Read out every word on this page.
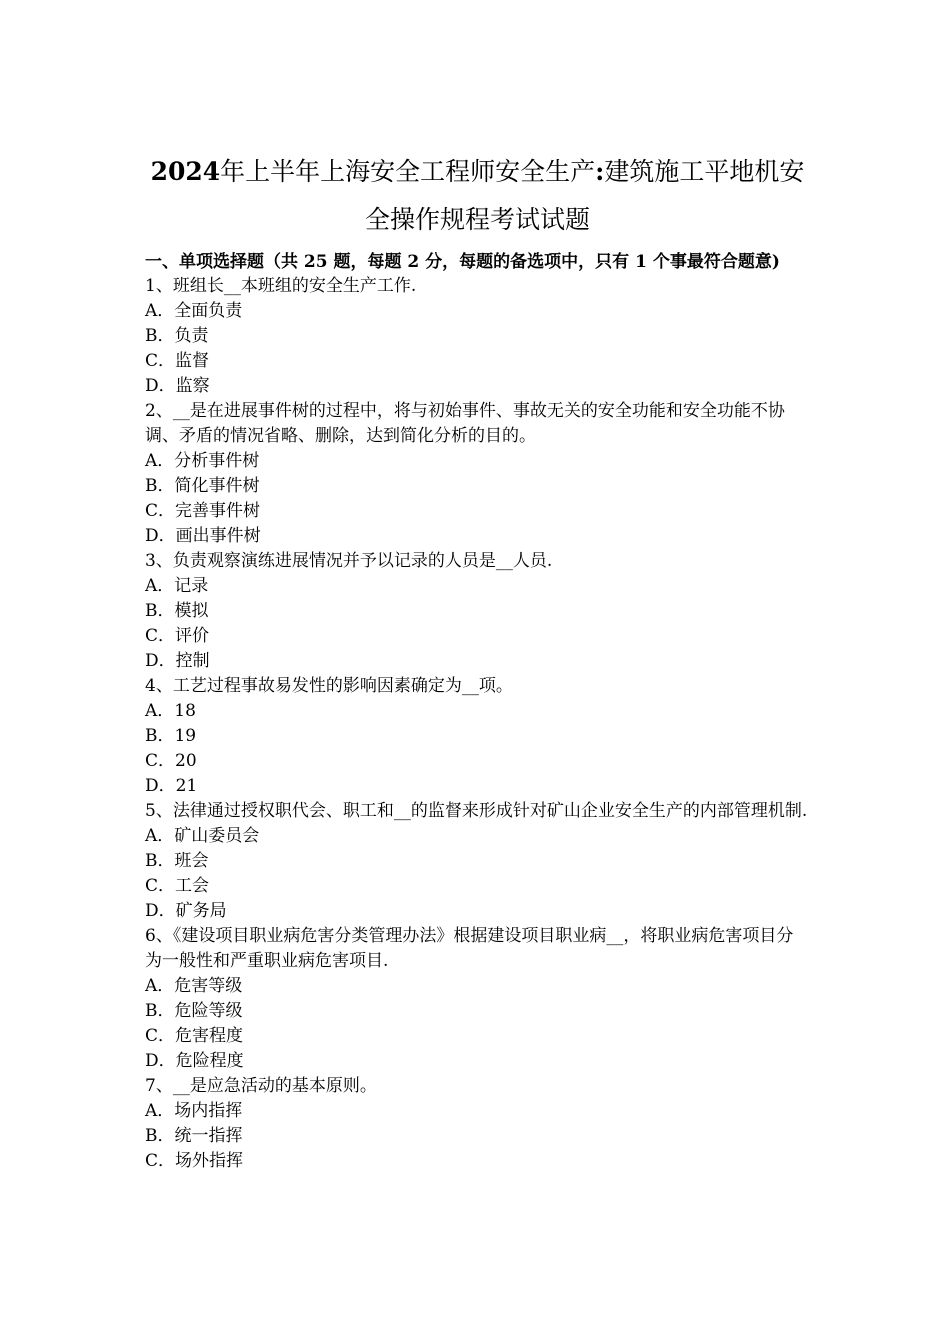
2024年上半年上海安全工程师安全生产:建筑施工平地机安
全操作规程考试试题

一、单项选择题（共 25 题，每题 2 分，每题的备选项中，只有 1 个事最符合题意)

1、班组长__本班组的安全生产工作.

A．全面负责

B．负责

C．监督

D．监察

2、__是在进展事件树的过程中，将与初始事件、事故无关的安全功能和安全功能不协调、矛盾的情况省略、删除，达到简化分析的目的。

A．分析事件树

B．简化事件树

C．完善事件树

D．画出事件树

3、负责观察演练进展情况并予以记录的人员是__人员.

A．记录

B．模拟

C．评价

D．控制

4、工艺过程事故易发性的影响因素确定为__项。

A．18

B．19

C．20

D．21

5、法律通过授权职代会、职工和__的监督来形成针对矿山企业安全生产的内部管理机制.

A．矿山委员会

B．班会

C．工会

D．矿务局

6、《建设项目职业病危害分类管理办法》根据建设项目职业病__，将职业病危害项目分为一般性和严重职业病危害项目.

A．危害等级

B．危险等级

C．危害程度

D．危险程度

7、__是应急活动的基本原则。

A．场内指挥

B．统一指挥

C．场外指挥
